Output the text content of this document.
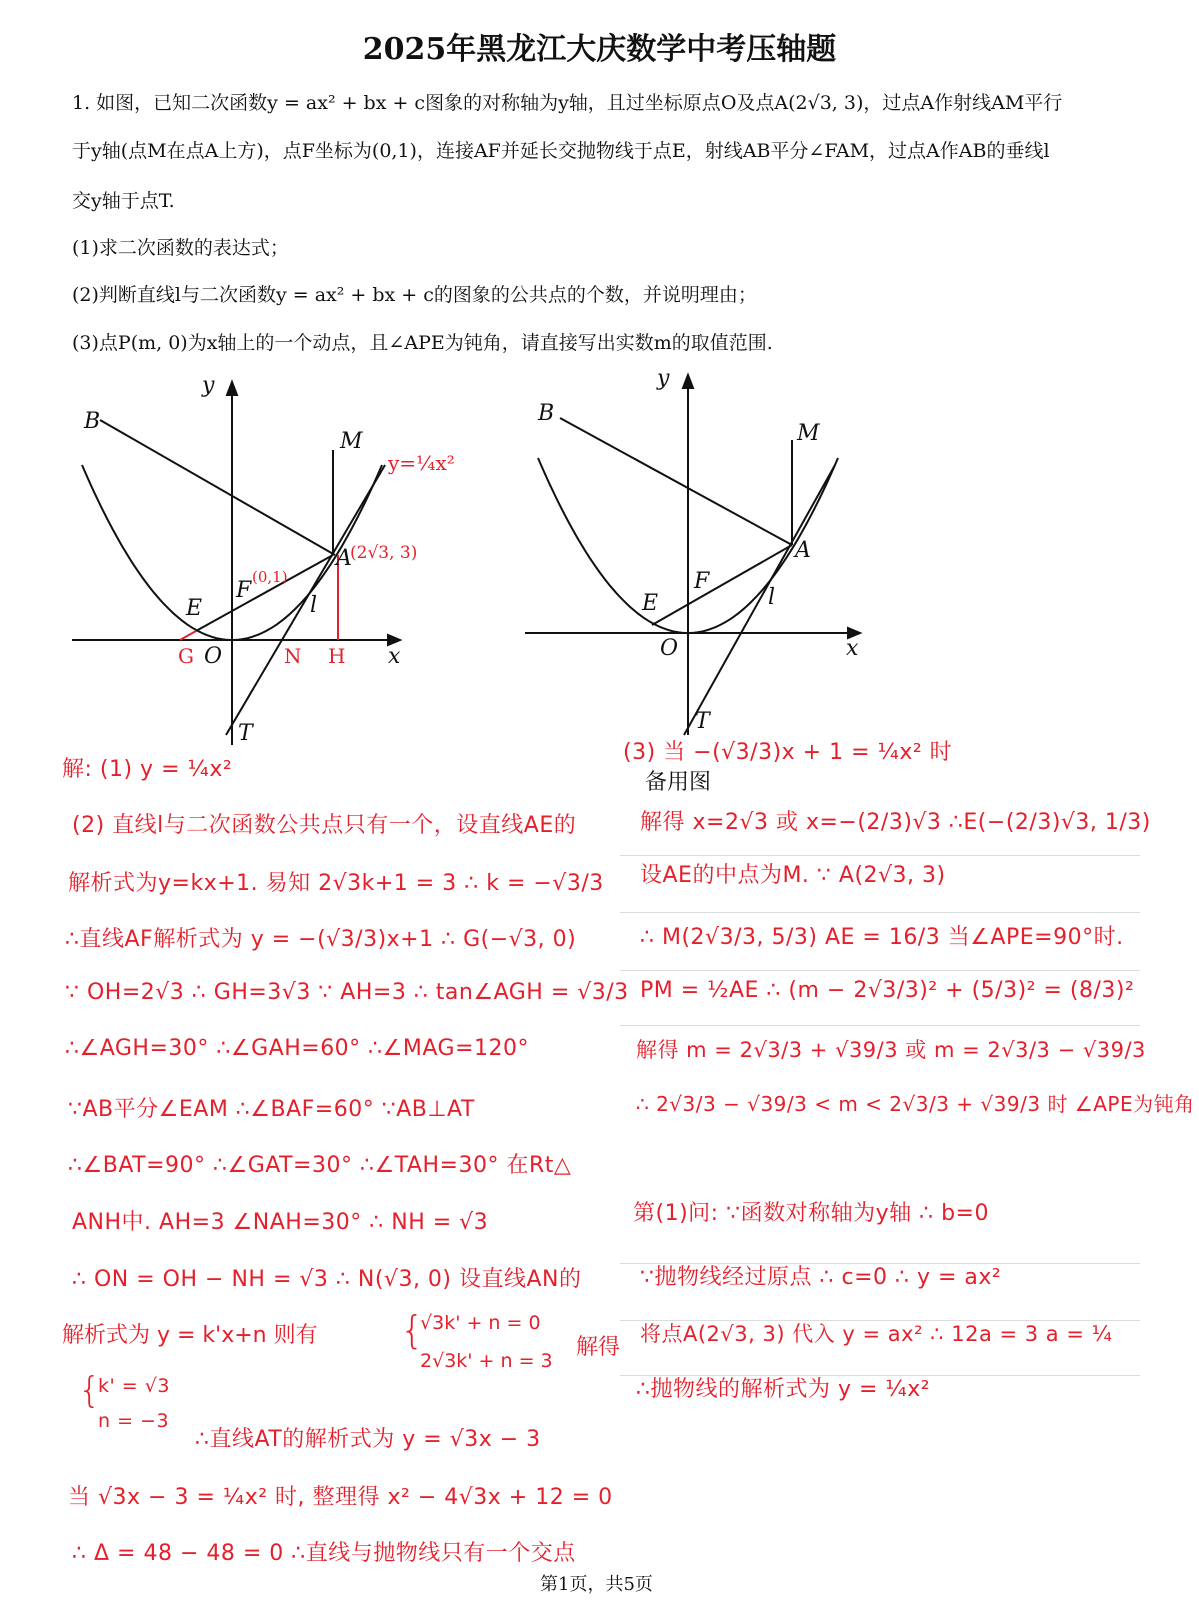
2025年黑龙江大庆数学中考压轴题
1. 如图，已知二次函数y = ax² + bx + c图象的对称轴为y轴，且过坐标原点O及点A(2√3, 3)，过点A作射线AM平行
于y轴(点M在点A上方)，点F坐标为(0,1)，连接AF并延长交抛物线于点E，射线AB平分∠FAM，过点A作AB的垂线l
交y轴于点T.
(1)求二次函数的表达式；
(2)判断直线l与二次函数y = ax² + bx + c的图象的公共点的个数，并说明理由；
(3)点P(m, 0)为x轴上的一个动点，且∠APE为钝角，请直接写出实数m的取值范围.
y
x
B
M
A
E
F
O
l
T
y=¼x²
(2√3, 3)
(0,1)
G	N H
y
x
B
M
A
E
F
O
l
T
备用图
解: (1) y = ¼x²
(2) 直线l与二次函数公共点只有一个，设直线AE的
解析式为y=kx+1. 易知 2√3k+1 = 3 ∴ k = −√3/3
∴直线AF解析式为 y = −(√3/3)x+1 ∴ G(−√3, 0)
∵ OH=2√3 ∴ GH=3√3 ∵ AH=3 ∴ tan∠AGH = √3/3
∴∠AGH=30° ∴∠GAH=60° ∴∠MAG=120°
∵AB平分∠EAM ∴∠BAF=60° ∵AB⊥AT
∴∠BAT=90° ∴∠GAT=30° ∴∠TAH=30° 在Rt△
ANH中. AH=3 ∠NAH=30° ∴ NH = √3
∴ ON = OH − NH = √3 ∴ N(√3, 0) 设直线AN的
解析式为 y = k'x+n 则有 {
√3k' + n = 0
2√3k' + n = 3
解得
{
k' = √3
n = −3
∴直线AT的解析式为 y = √3x − 3
当 √3x − 3 = ¼x² 时, 整理得 x² − 4√3x + 12 = 0
∴ Δ = 48 − 48 = 0 ∴直线与抛物线只有一个交点
(3) 当 −(√3/3)x + 1 = ¼x² 时
解得 x=2√3 或 x=−(2/3)√3 ∴E(−(2/3)√3, 1/3)
设AE的中点为M. ∵ A(2√3, 3)
∴ M(2√3/3, 5/3) AE = 16/3 当∠APE=90°时.
PM = ½AE ∴ (m − 2√3/3)² + (5/3)² = (8/3)²
解得 m = 2√3/3 + √39/3 或 m = 2√3/3 − √39/3
∴ 2√3/3 − √39/3 < m < 2√3/3 + √39/3 时 ∠APE为钝角
第(1)问: ∵函数对称轴为y轴 ∴ b=0
∵抛物线经过原点 ∴ c=0 ∴ y = ax²
将点A(2√3, 3) 代入 y = ax² ∴ 12a = 3 a = ¼
∴抛物线的解析式为 y = ¼x²
第1页，共5页
